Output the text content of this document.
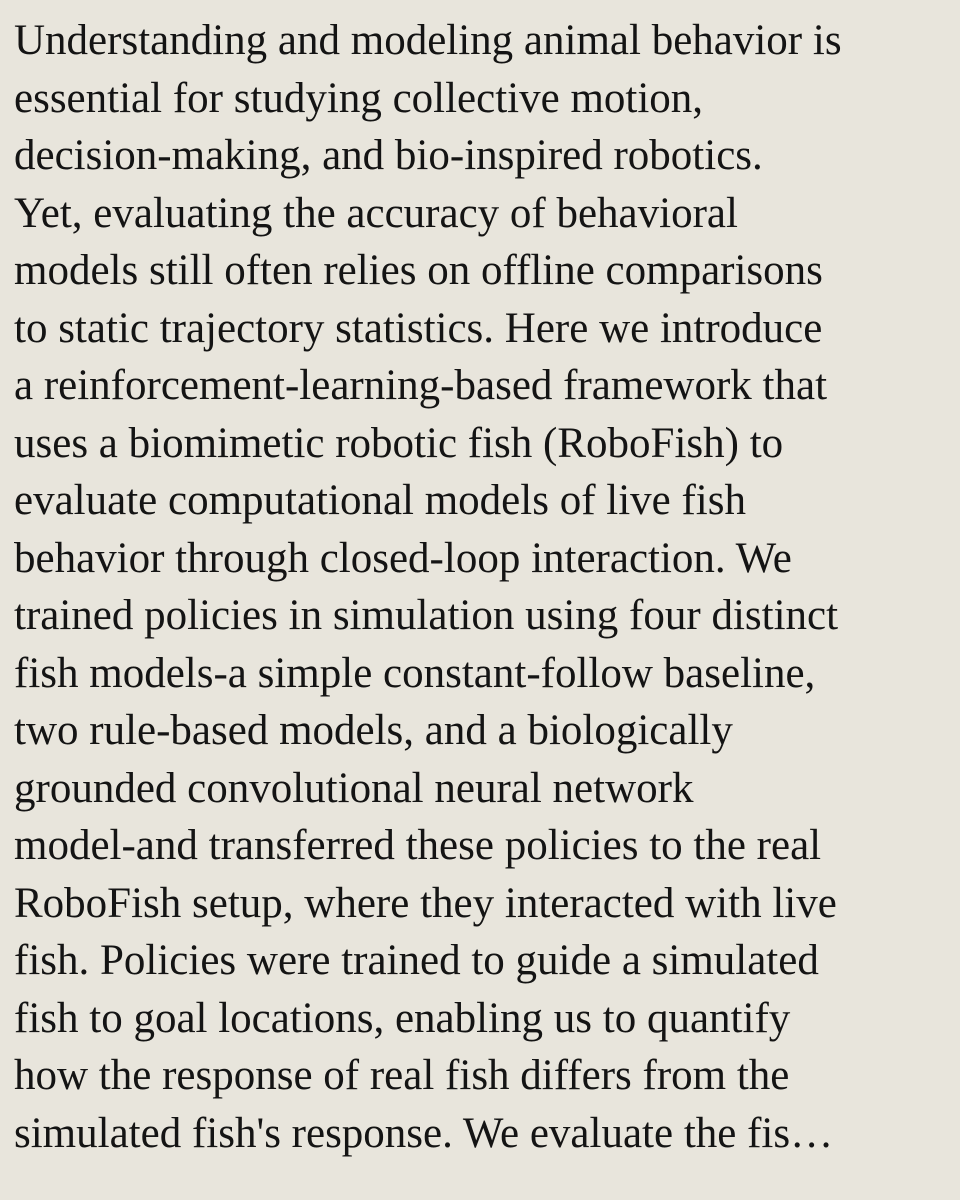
Understanding and modeling animal behavior is
essential for studying collective motion,
decision-making, and bio-inspired robotics.
Yet, evaluating the accuracy of behavioral
models still often relies on offline comparisons
to static trajectory statistics. Here we introduce
a reinforcement-learning-based framework that
uses a biomimetic robotic fish (RoboFish) to
evaluate computational models of live fish
behavior through closed-loop interaction. We
trained policies in simulation using four distinct
fish models-a simple constant-follow baseline,
two rule-based models, and a biologically
grounded convolutional neural network
model-and transferred these policies to the real
RoboFish setup, where they interacted with live
fish. Policies were trained to guide a simulated
fish to goal locations, enabling us to quantify
how the response of real fish differs from the
simulated fish's response. We evaluate the fis…
